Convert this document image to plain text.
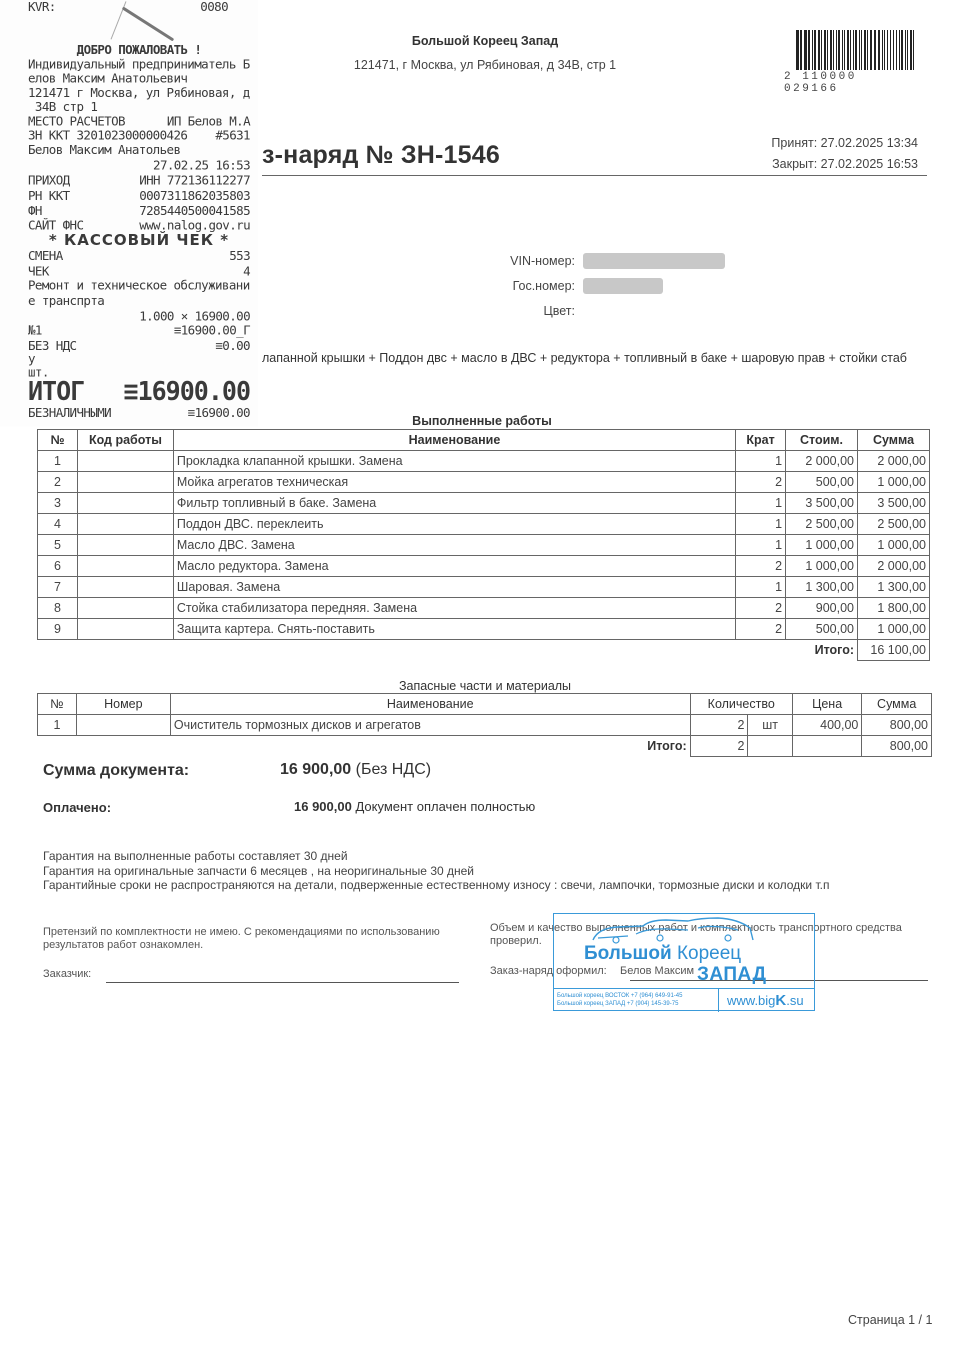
KVR:	0080
ДОБРО ПОЖАЛОВАТЬ !
Индивидуальный предприниматель Б
елов Максим Анатольевич
121471 г Москва, ул Рябиновая, д
34В стр 1
МЕСТО РАСЧЕТОВ	ИП Белов М.А
ЗН ККТ 3201023000000426 #5631
Белов Максим Анатольев
27.02.25 16:53
ПРИХОД	ИНН 772136112277
РН ККТ	0007311862035803
ФН	7285440500041585
САЙТ ФНС	www.nalog.gov.ru
* КАССОВЫЙ ЧЕК *
СМЕНА	553
ЧЕК	4
Ремонт и техническое обслуживани
е транспрта
1.000 × 16900.00
№1	≡16900.00_Г
БЕЗ НДС	≡0.00
у
шт.
ИТОГ ≡16900.00
БЕЗНАЛИЧНЫМИ	≡16900.00
Большой Кореец Запад
121471, г Москва, ул Рябиновая, д 34В, стр 1
2 110000 029166
з-наряд № ЗН-1546	Принят: 27.02.2025 13:34
Закрыт: 27.02.2025 16:53
VIN-номер:
Гос.номер:
Цвет:
лапанной крышки + Поддон двс + масло в ДВС + редуктора + топливный в баке + шаровую прав + стойки стаб
Выполненные работы
№	Код работы	Наименование	Крат	Стоим.	Сумма
1		Прокладка клапанной крышки. Замена	1	2 000,00	2 000,00
2		Мойка агрегатов техническая	2	500,00	1 000,00
3		Фильтр топливный в баке. Замена	1	3 500,00	3 500,00
4		Поддон ДВС. переклеить	1	2 500,00	2 500,00
5		Масло ДВС. Замена	1	1 000,00	1 000,00
6		Масло редуктора. Замена	2	1 000,00	2 000,00
7		Шаровая. Замена	1	1 300,00	1 300,00
8		Стойка стабилизатора передняя. Замена	2	900,00	1 800,00
9		Защита картера. Снять-поставить	2	500,00	1 000,00
				Итого:	16 100,00
Запасные части и материалы
№	Номер	Наименование	Количество		Цена	Сумма
1		Очиститель тормозных дисков и агрегатов	2	шт	400,00	800,00
Итого:			2			800,00
Сумма документа:	16 900,00 (Без НДС)
Оплачено:	16 900,00 Документ оплачен полностью
Гарантия на выполненные работы составляет 30 дней
Гарантия на оригинальные запчасти 6 месяцев , на неоригинальные 30 дней
Гарантийные сроки не распространяются на детали, подверженные естественному износу : свечи, лампочки, тормозные диски и колодки т.п
Претензий по комплектности не имею. С рекомендациями по использованию результатов работ ознакомлен.
Заказчик:
Объем и качество выполненных работ и комплектность транспортного средства проверил.
Заказ-наряд оформил: Белов Максим
Большой Кореец
ЗАПАД
Большой кореец ВОСТОК +7 (964) 649-91-45
Большой кореец ЗАПАД +7 (904) 145-39-75	www.bigK.su
Страница 1 / 1
